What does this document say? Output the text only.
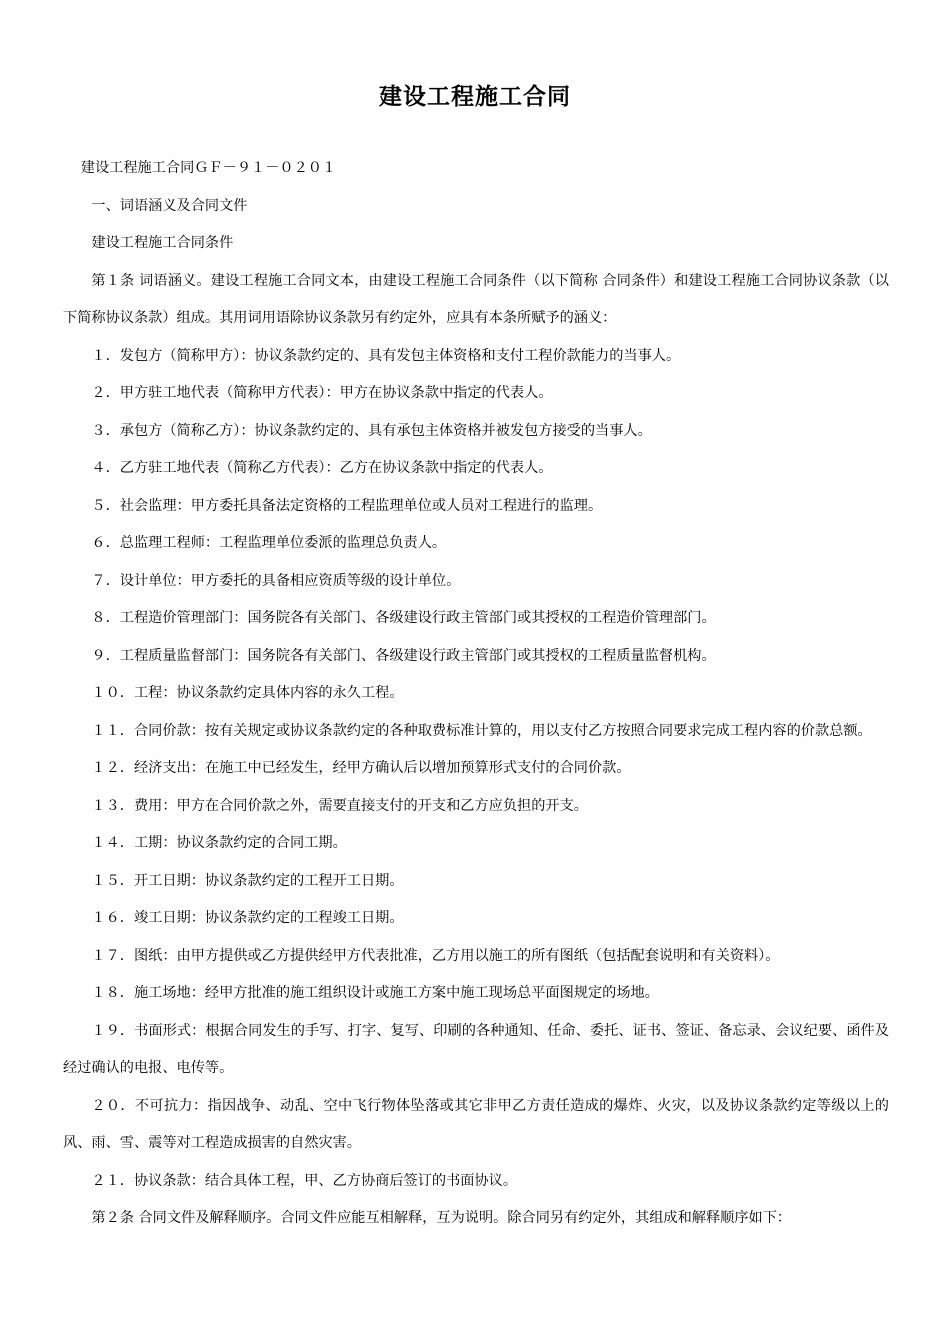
建设工程施工合同

建设工程施工合同ＧＦ－９１－０２０１

一、词语涵义及合同文件

建设工程施工合同条件

第１条 词语涵义。建设工程施工合同文本，由建设工程施工合同条件（以下简称 合同条件）和建设工程施工合同协议条款（以下简称协议条款）组成。其用词用语除协议条款另有约定外，应具有本条所赋予的涵义：

１．发包方（简称甲方）：协议条款约定的、具有发包主体资格和支付工程价款能力的当事人。

２．甲方驻工地代表（简称甲方代表）：甲方在协议条款中指定的代表人。

３．承包方（简称乙方）：协议条款约定的、具有承包主体资格并被发包方接受的当事人。

４．乙方驻工地代表（简称乙方代表）：乙方在协议条款中指定的代表人。

５．社会监理：甲方委托具备法定资格的工程监理单位或人员对工程进行的监理。

６．总监理工程师：工程监理单位委派的监理总负责人。

７．设计单位：甲方委托的具备相应资质等级的设计单位。

８．工程造价管理部门：国务院各有关部门、各级建设行政主管部门或其授权的工程造价管理部门。

９．工程质量监督部门：国务院各有关部门、各级建设行政主管部门或其授权的工程质量监督机构。

１０．工程：协议条款约定具体内容的永久工程。

１１．合同价款：按有关规定或协议条款约定的各种取费标准计算的，用以支付乙方按照合同要求完成工程内容的价款总额。

１２．经济支出：在施工中已经发生，经甲方确认后以增加预算形式支付的合同价款。

１３．费用：甲方在合同价款之外，需要直接支付的开支和乙方应负担的开支。

１４．工期：协议条款约定的合同工期。

１５．开工日期：协议条款约定的工程开工日期。

１６．竣工日期：协议条款约定的工程竣工日期。

１７．图纸：由甲方提供或乙方提供经甲方代表批准，乙方用以施工的所有图纸（包括配套说明和有关资料）。

１８．施工场地：经甲方批准的施工组织设计或施工方案中施工现场总平面图规定的场地。

１９．书面形式：根据合同发生的手写、打字、复写、印刷的各种通知、任命、委托、证书、签证、备忘录、会议纪要、函件及经过确认的电报、电传等。

２０．不可抗力：指因战争、动乱、空中飞行物体坠落或其它非甲乙方责任造成的爆炸、火灾，以及协议条款约定等级以上的风、雨、雪、震等对工程造成损害的自然灾害。

２１．协议条款：结合具体工程，甲、乙方协商后签订的书面协议。

第２条 合同文件及解释顺序。合同文件应能互相解释，互为说明。除合同另有约定外，其组成和解释顺序如下：
